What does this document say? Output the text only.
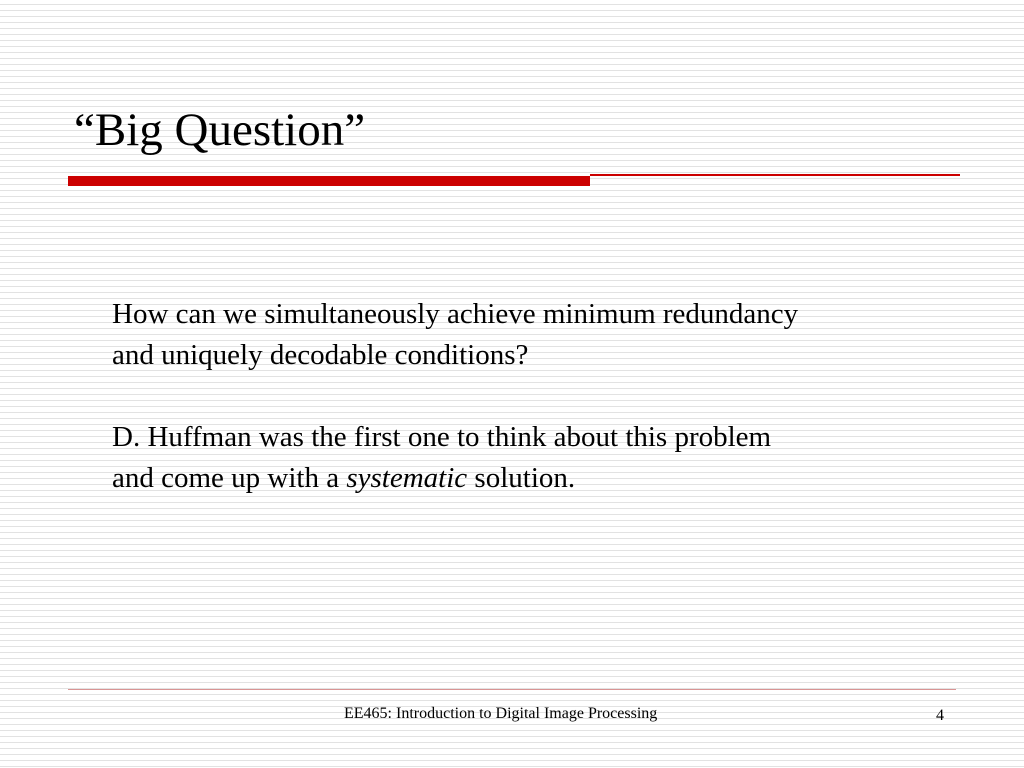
“Big Question”

How can we simultaneously achieve minimum redundancy
and uniquely decodable conditions?

D. Huffman was the first one to think about this problem
and come up with a systematic solution.

EE465: Introduction to Digital Image Processing	4
